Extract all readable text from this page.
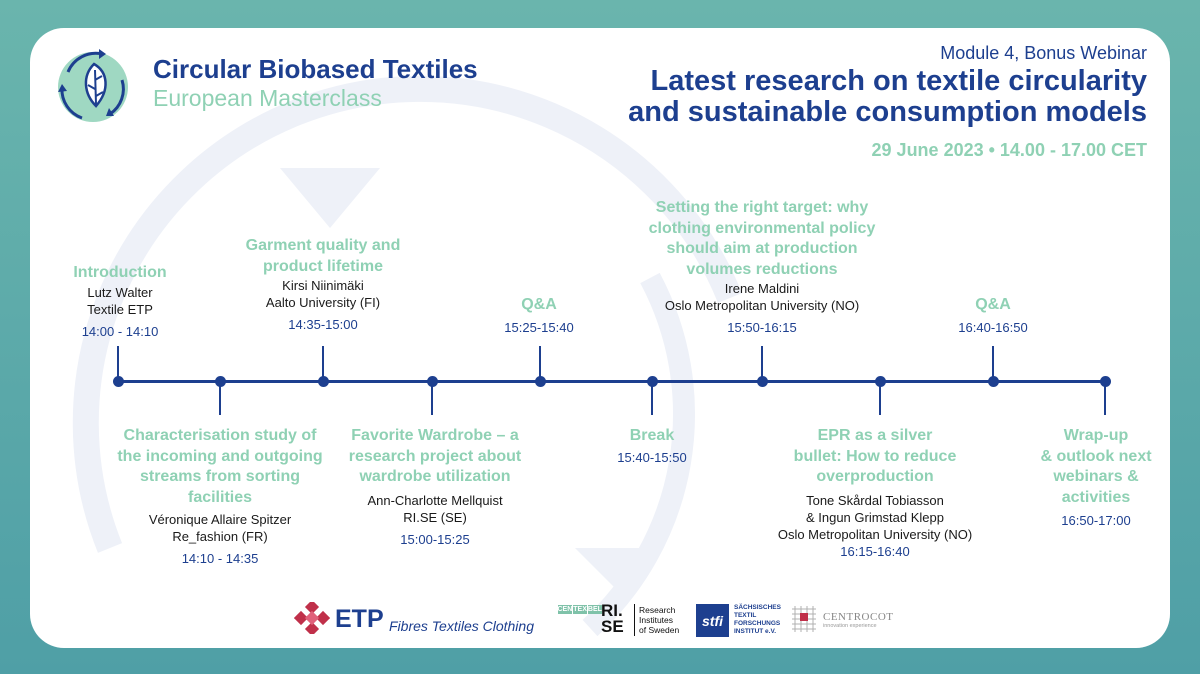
Circular Biobased Textiles
European Masterclass
Module 4, Bonus Webinar
Latest research on textile circularity
and sustainable consumption models
29 June 2023 • 14.00 - 17.00 CET
Introduction
Lutz Walter
Textile ETP
14:00 - 14:10
Garment quality and
product lifetime
Kirsi Niinimäki
Aalto University (FI)
14:35-15:00
Q&A
15:25-15:40
Setting the right target: why
clothing environmental policy
should aim at production
volumes reductions
Irene Maldini
Oslo Metropolitan University (NO)
15:50-16:15
Q&A
16:40-16:50
Characterisation study of
the incoming and outgoing
streams from sorting
facilities
Véronique Allaire Spitzer
Re_fashion (FR)
14:10 - 14:35
Favorite Wardrobe – a
research project about
wardrobe utilization
Ann-Charlotte Mellquist
RI.SE (SE)
15:00-15:25
Break
15:40-15:50
EPR as a silver
bullet: How to reduce
overproduction
Tone Skårdal Tobiasson
& Ingun Grimstad Klepp
Oslo Metropolitan University (NO)
16:15-16:40
Wrap-up
& outlook next
webinars &
activities
16:50-17:00
ETP Fibres Textiles Clothing
CEN TEX BEL RI.
SE
Research
Institutes
of Sweden
stfi
SÄCHSISCHES
TEXTIL
FORSCHUNGS
INSTITUT e.V.
CENTROCOT
innovation experience
